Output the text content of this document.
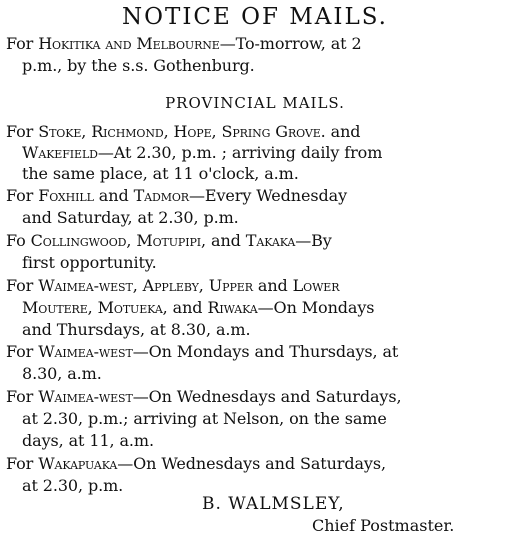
NOTICE OF MAILS.
For Hokitika and Melbourne—To-morrow, at 2
p.m., by the s.s. Gothenburg.
PROVINCIAL MAILS.
For Stoke, Richmond, Hope, Spring Grove. and
Wakefield—At 2.30, p.m. ; arriving daily from
the same place, at 11 o'clock, a.m.
For Foxhill and Tadmor—Every Wednesday
and Saturday, at 2.30, p.m.
Fo Collingwood, Motupipi, and Takaka—By
first opportunity.
For Waimea-west, Appleby, Upper and Lower
Moutere, Motueka, and Riwaka—On Mondays
and Thursdays, at 8.30, a.m.
For Waimea-west—On Mondays and Thursdays, at
8.30, a.m.
For Waimea-west—On Wednesdays and Saturdays,
at 2.30, p.m.; arriving at Nelson, on the same
days, at 11, a.m.
For Wakapuaka—On Wednesdays and Saturdays,
at 2.30, p.m.
B. WALMSLEY,
Chief Postmaster.
